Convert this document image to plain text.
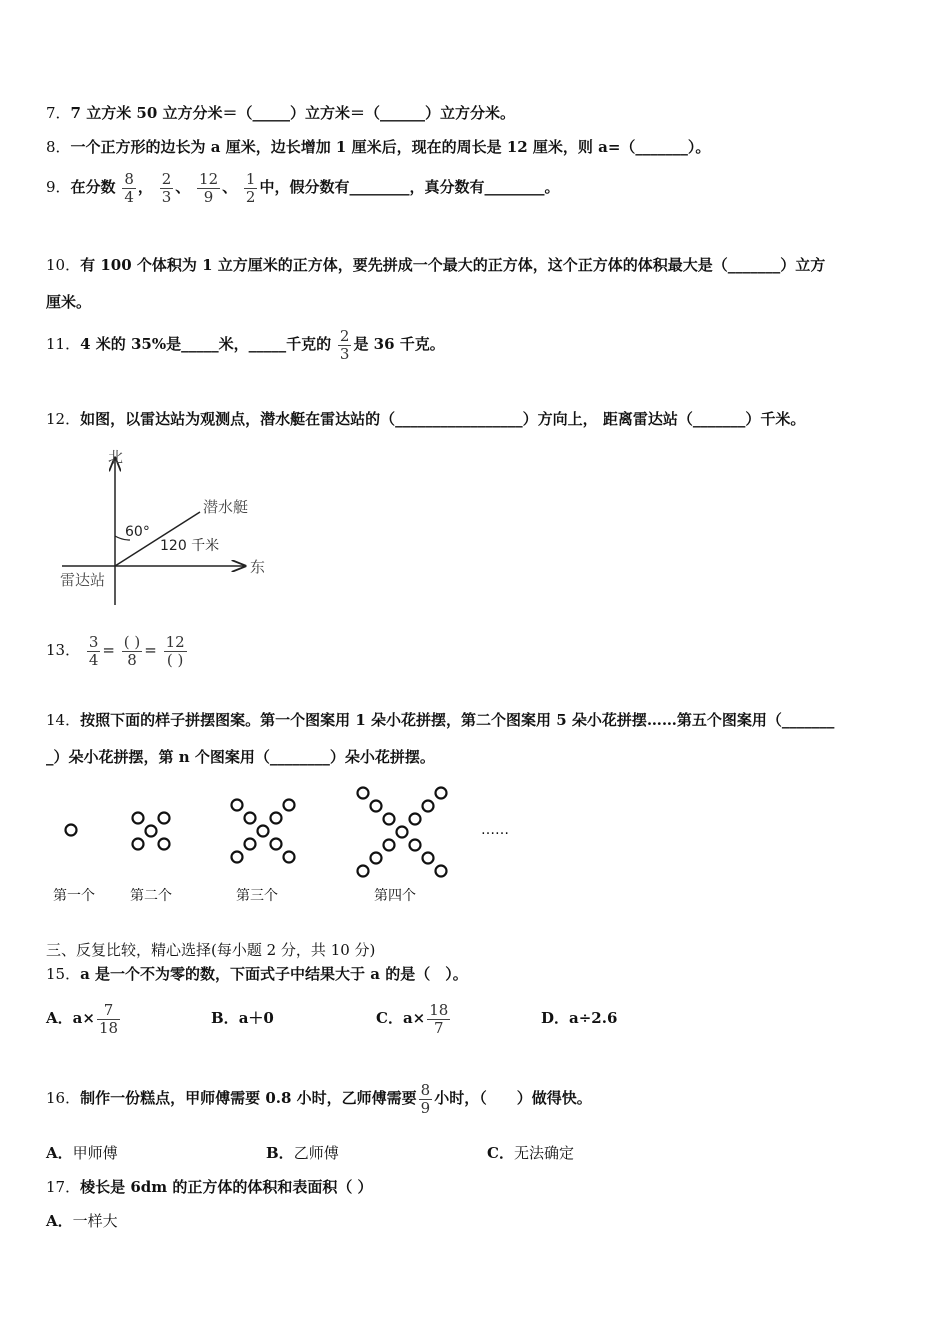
7．7 立方米 50 立方分米＝（_____）立方米＝（______）立方分米。
8．一个正方形的边长为 a 厘米，边长增加 1 厘米后，现在的周长是 12 厘米，则 a=（_______）。
9．在分数 $\frac{8}{4}$ ， $\frac{2}{3}$ 、 $\frac{12}{9}$ 、 $\frac{1}{2}$ 中，假分数有________，真分数有________。
10．有 100 个体积为 1 立方厘米的正方体，要先拼成一个最大的正方体，这个正方体的体积最大是（_______）立方
厘米。
11．4 米的 35%是_____米，_____千克的 $\frac{2}{3}$ 是 36 千克。
12．如图，以雷达站为观测点，潜水艇在雷达站的（_________________）方向上， 距离雷达站（_______）千米。
北
东
雷达站
潜水艇
60°
120 千米
13． $\frac{3}{4} = \frac{( )}{8} = \frac{12}{( )}$
14．按照下面的样子拼摆图案。第一个图案用 1 朵小花拼摆，第二个图案用 5 朵小花拼摆……第五个图案用（_______
_）朵小花拼摆，第 n 个图案用（________）朵小花拼摆。
……
第一个	第二个	第三个	第四个
三、反复比较，精心选择(每小题 2 分，共 10 分)
15．a 是一个不为零的数，下面式子中结果大于 a 的是（　）。
A．$a\times \frac{7}{18}$	B．a＋0	C．$a\times \frac{18}{7}$	D．a÷2.6
16．制作一份糕点，甲师傅需要 0.8 小时，乙师傅需要 $\frac{8}{9}$ 小时，（　　）做得快。
A．甲师傅	B．乙师傅	C．无法确定
17．棱长是 6dm 的正方体的体积和表面积（ ）
A．一样大
